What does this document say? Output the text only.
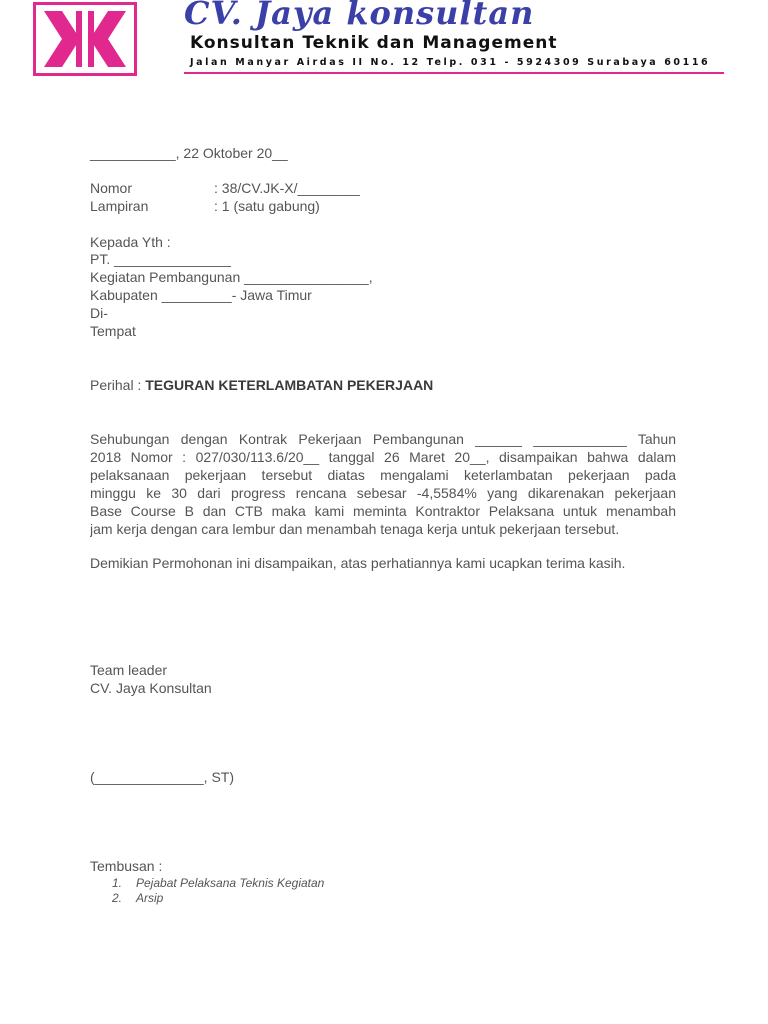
CV. Jaya konsultan
Konsultan Teknik dan Management
Jalan Manyar Airdas II No. 12 Telp. 031 - 5924309 Surabaya 60116
___________, 22 Oktober 20__
Nomor	: 38/CV.JK-X/________
Lampiran	: 1 (satu gabung)
Kepada Yth :
PT. _______________
Kegiatan Pembangunan ________________,
Kabupaten _________- Jawa Timur
Di-
Tempat
Perihal : TEGURAN KETERLAMBATAN PEKERJAAN
Sehubungan dengan Kontrak Pekerjaan Pembangunan ______ ____________ Tahun
2018 Nomor : 027/030/113.6/20__ tanggal 26 Maret 20__, disampaikan bahwa dalam
pelaksanaan pekerjaan tersebut diatas mengalami keterlambatan pekerjaan pada
minggu ke 30 dari progress rencana sebesar -4,5584% yang dikarenakan pekerjaan
Base Course B dan CTB maka kami meminta Kontraktor Pelaksana untuk menambah
jam kerja dengan cara lembur dan menambah tenaga kerja untuk pekerjaan tersebut.
Demikian Permohonan ini disampaikan, atas perhatiannya kami ucapkan terima kasih.
Team leader
CV. Jaya Konsultan
(______________, ST)
Tembusan :
1. Pejabat Pelaksana Teknis Kegiatan
2. Arsip
